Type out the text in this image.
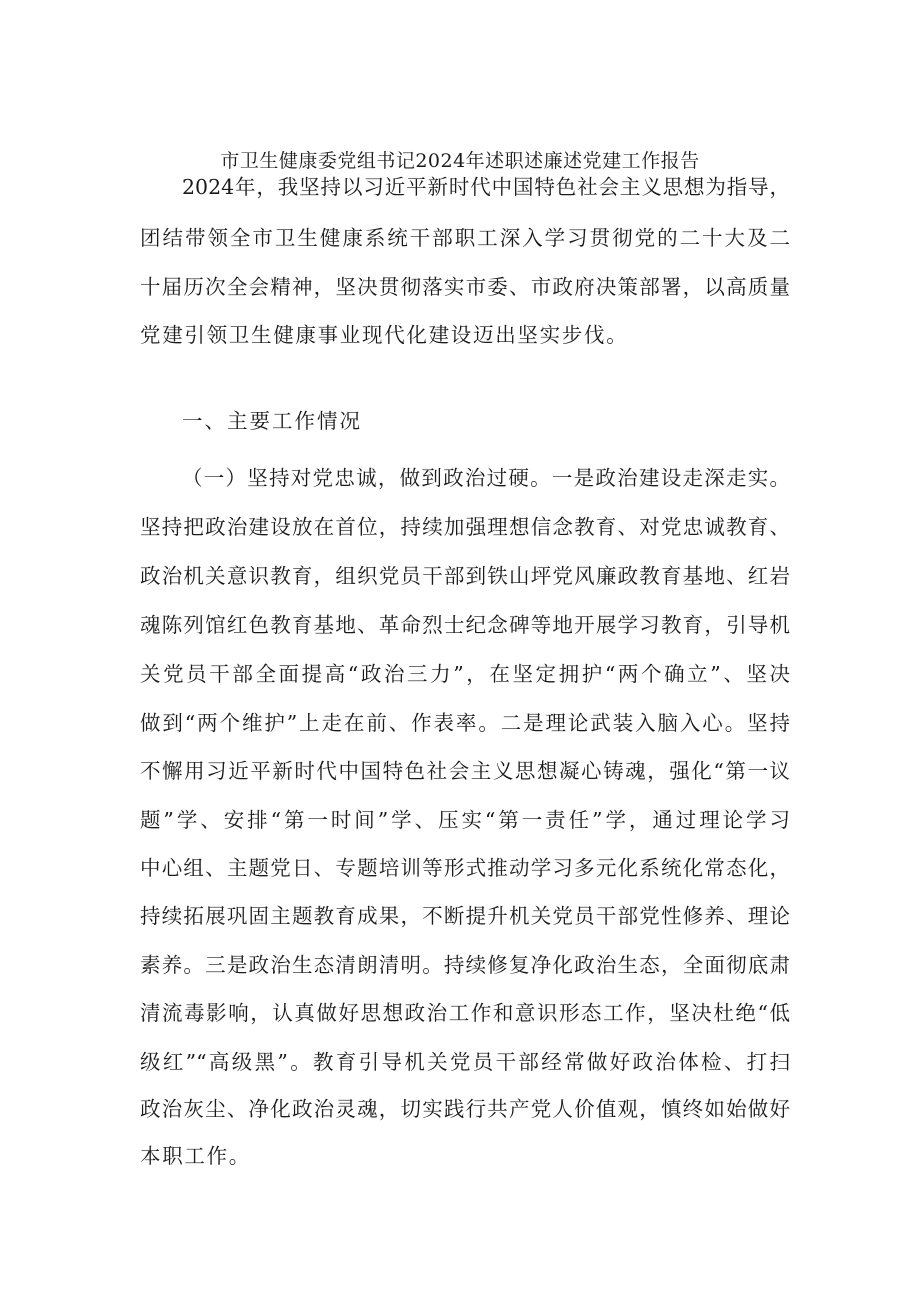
市卫生健康委党组书记2024年述职述廉述党建工作报告
2024年，我坚持以习近平新时代中国特色社会主义思想为指导，
团结带领全市卫生健康系统干部职工深入学习贯彻党的二十大及二
十届历次全会精神，坚决贯彻落实市委、市政府决策部署，以高质量
党建引领卫生健康事业现代化建设迈出坚实步伐。
一、主要工作情况
（一）坚持对党忠诚，做到政治过硬。一是政治建设走深走实。
坚持把政治建设放在首位，持续加强理想信念教育、对党忠诚教育、
政治机关意识教育，组织党员干部到铁山坪党风廉政教育基地、红岩
魂陈列馆红色教育基地、革命烈士纪念碑等地开展学习教育，引导机
关党员干部全面提高“政治三力”，在坚定拥护“两个确立”、坚决
做到“两个维护”上走在前、作表率。二是理论武装入脑入心。坚持
不懈用习近平新时代中国特色社会主义思想凝心铸魂，强化“第一议
题”学、安排“第一时间”学、压实“第一责任”学，通过理论学习
中心组、主题党日、专题培训等形式推动学习多元化系统化常态化，
持续拓展巩固主题教育成果，不断提升机关党员干部党性修养、理论
素养。三是政治生态清朗清明。持续修复净化政治生态，全面彻底肃
清流毒影响，认真做好思想政治工作和意识形态工作，坚决杜绝“低
级红”“高级黑”。教育引导机关党员干部经常做好政治体检、打扫
政治灰尘、净化政治灵魂，切实践行共产党人价值观，慎终如始做好
本职工作。
